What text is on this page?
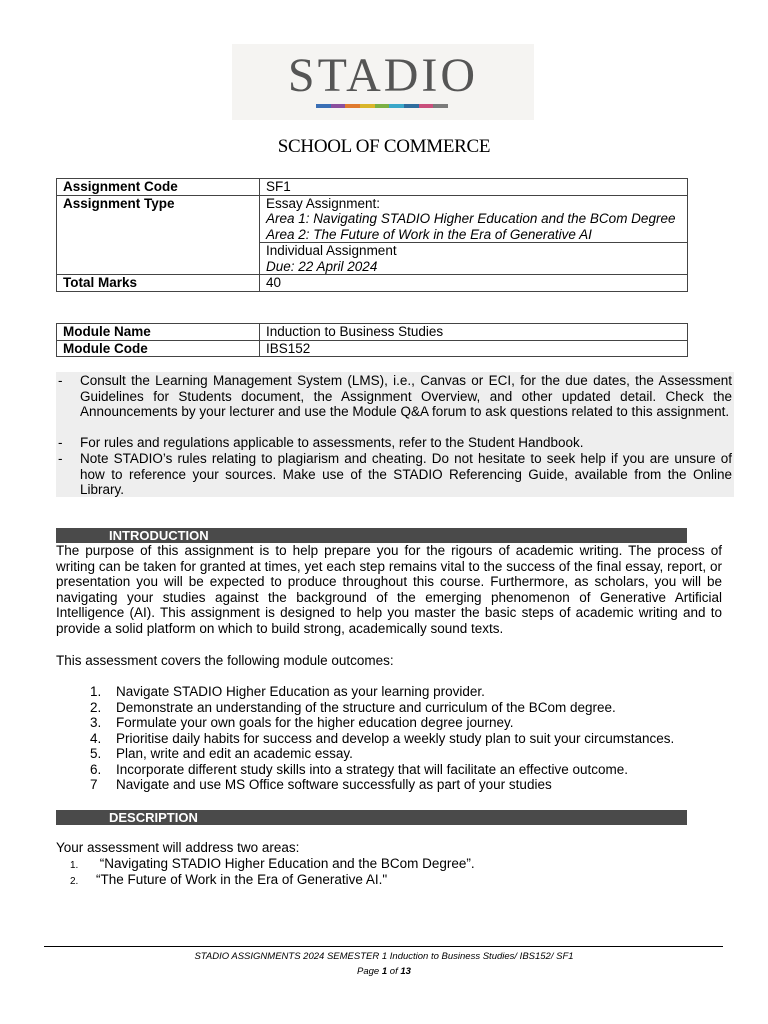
STADIO
SCHOOL OF COMMERCE
Assignment Code	SF1
Assignment Type	Essay Assignment:
Area 1: Navigating STADIO Higher Education and the BCom Degree
Area 2: The Future of Work in the Era of Generative AI

	Individual Assignment
Due: 22 April 2024

Total Marks	40
Module Name	Induction to Business Studies
Module Code	IBS152
- Consult the Learning Management System (LMS), i.e., Canvas or ECI, for the due dates, the Assessment Guidelines for Students document, the Assignment Overview, and other updated detail. Check the Announcements by your lecturer and use the Module Q&A forum to ask questions related to this assignment.
- For rules and regulations applicable to assessments, refer to the Student Handbook.
- Note STADIO’s rules relating to plagiarism and cheating. Do not hesitate to seek help if you are unsure of how to reference your sources. Make use of the STADIO Referencing Guide, available from the Online Library.
INTRODUCTION
The purpose of this assignment is to help prepare you for the rigours of academic writing. The process of writing can be taken for granted at times, yet each step remains vital to the success of the final essay, report, or presentation you will be expected to produce throughout this course. Furthermore, as scholars, you will be navigating your studies against the background of the emerging phenomenon of Generative Artificial Intelligence (AI). This assignment is designed to help you master the basic steps of academic writing and to provide a solid platform on which to build strong, academically sound texts.
This assessment covers the following module outcomes:
1. Navigate STADIO Higher Education as your learning provider.
2. Demonstrate an understanding of the structure and curriculum of the BCom degree.
3. Formulate your own goals for the higher education degree journey.
4. Prioritise daily habits for success and develop a weekly study plan to suit your circumstances.
5. Plan, write and edit an academic essay.
6. Incorporate different study skills into a strategy that will facilitate an effective outcome.
7 Navigate and use MS Office software successfully as part of your studies
DESCRIPTION
Your assessment will address two areas:
1. “Navigating STADIO Higher Education and the BCom Degree”.
2. “The Future of Work in the Era of Generative AI."
STADIO ASSIGNMENTS 2024 SEMESTER 1 Induction to Business Studies/ IBS152/ SF1
Page 1 of 13
